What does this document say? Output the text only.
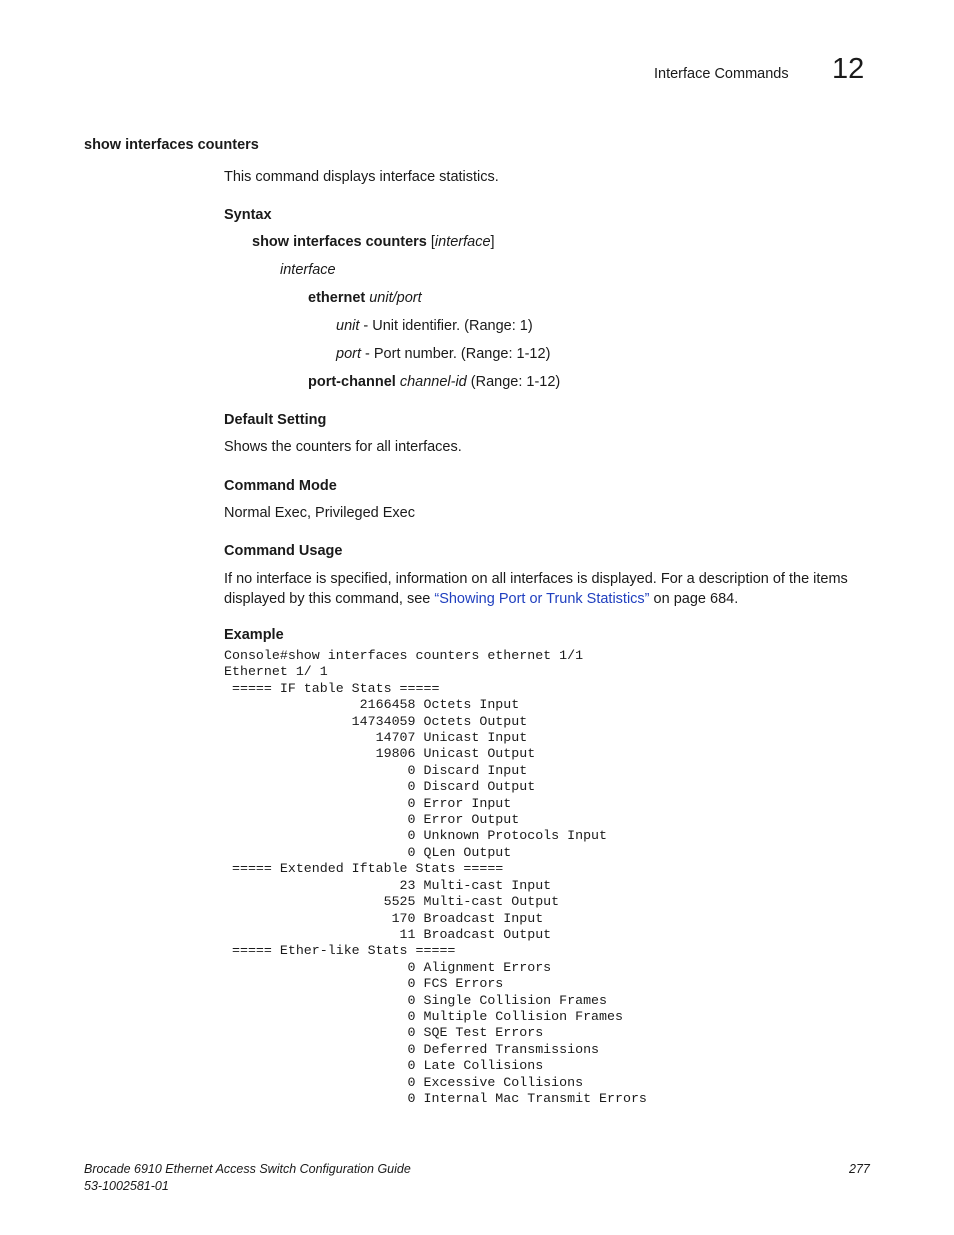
Interface Commands 12
show interfaces counters
This command displays interface statistics.
Syntax
show interfaces counters [interface]
interface
ethernet unit/port
unit - Unit identifier. (Range: 1)
port - Port number. (Range: 1-12)
port-channel channel-id (Range: 1-12)
Default Setting
Shows the counters for all interfaces.
Command Mode
Normal Exec, Privileged Exec
Command Usage
If no interface is specified, information on all interfaces is displayed. For a description of the items displayed by this command, see “Showing Port or Trunk Statistics” on page 684.
Example
Console#show interfaces counters ethernet 1/1
Ethernet 1/ 1
===== IF table Stats =====
2166458 Octets Input
14734059 Octets Output
14707 Unicast Input
19806 Unicast Output
0 Discard Input
0 Discard Output
0 Error Input
0 Error Output
0 Unknown Protocols Input
0 QLen Output
===== Extended Iftable Stats =====
23 Multi-cast Input
5525 Multi-cast Output
170 Broadcast Input
11 Broadcast Output
===== Ether-like Stats =====
0 Alignment Errors
0 FCS Errors
0 Single Collision Frames
0 Multiple Collision Frames
0 SQE Test Errors
0 Deferred Transmissions
0 Late Collisions
0 Excessive Collisions
0 Internal Mac Transmit Errors
Brocade 6910 Ethernet Access Switch Configuration Guide
53-1002581-01
277
